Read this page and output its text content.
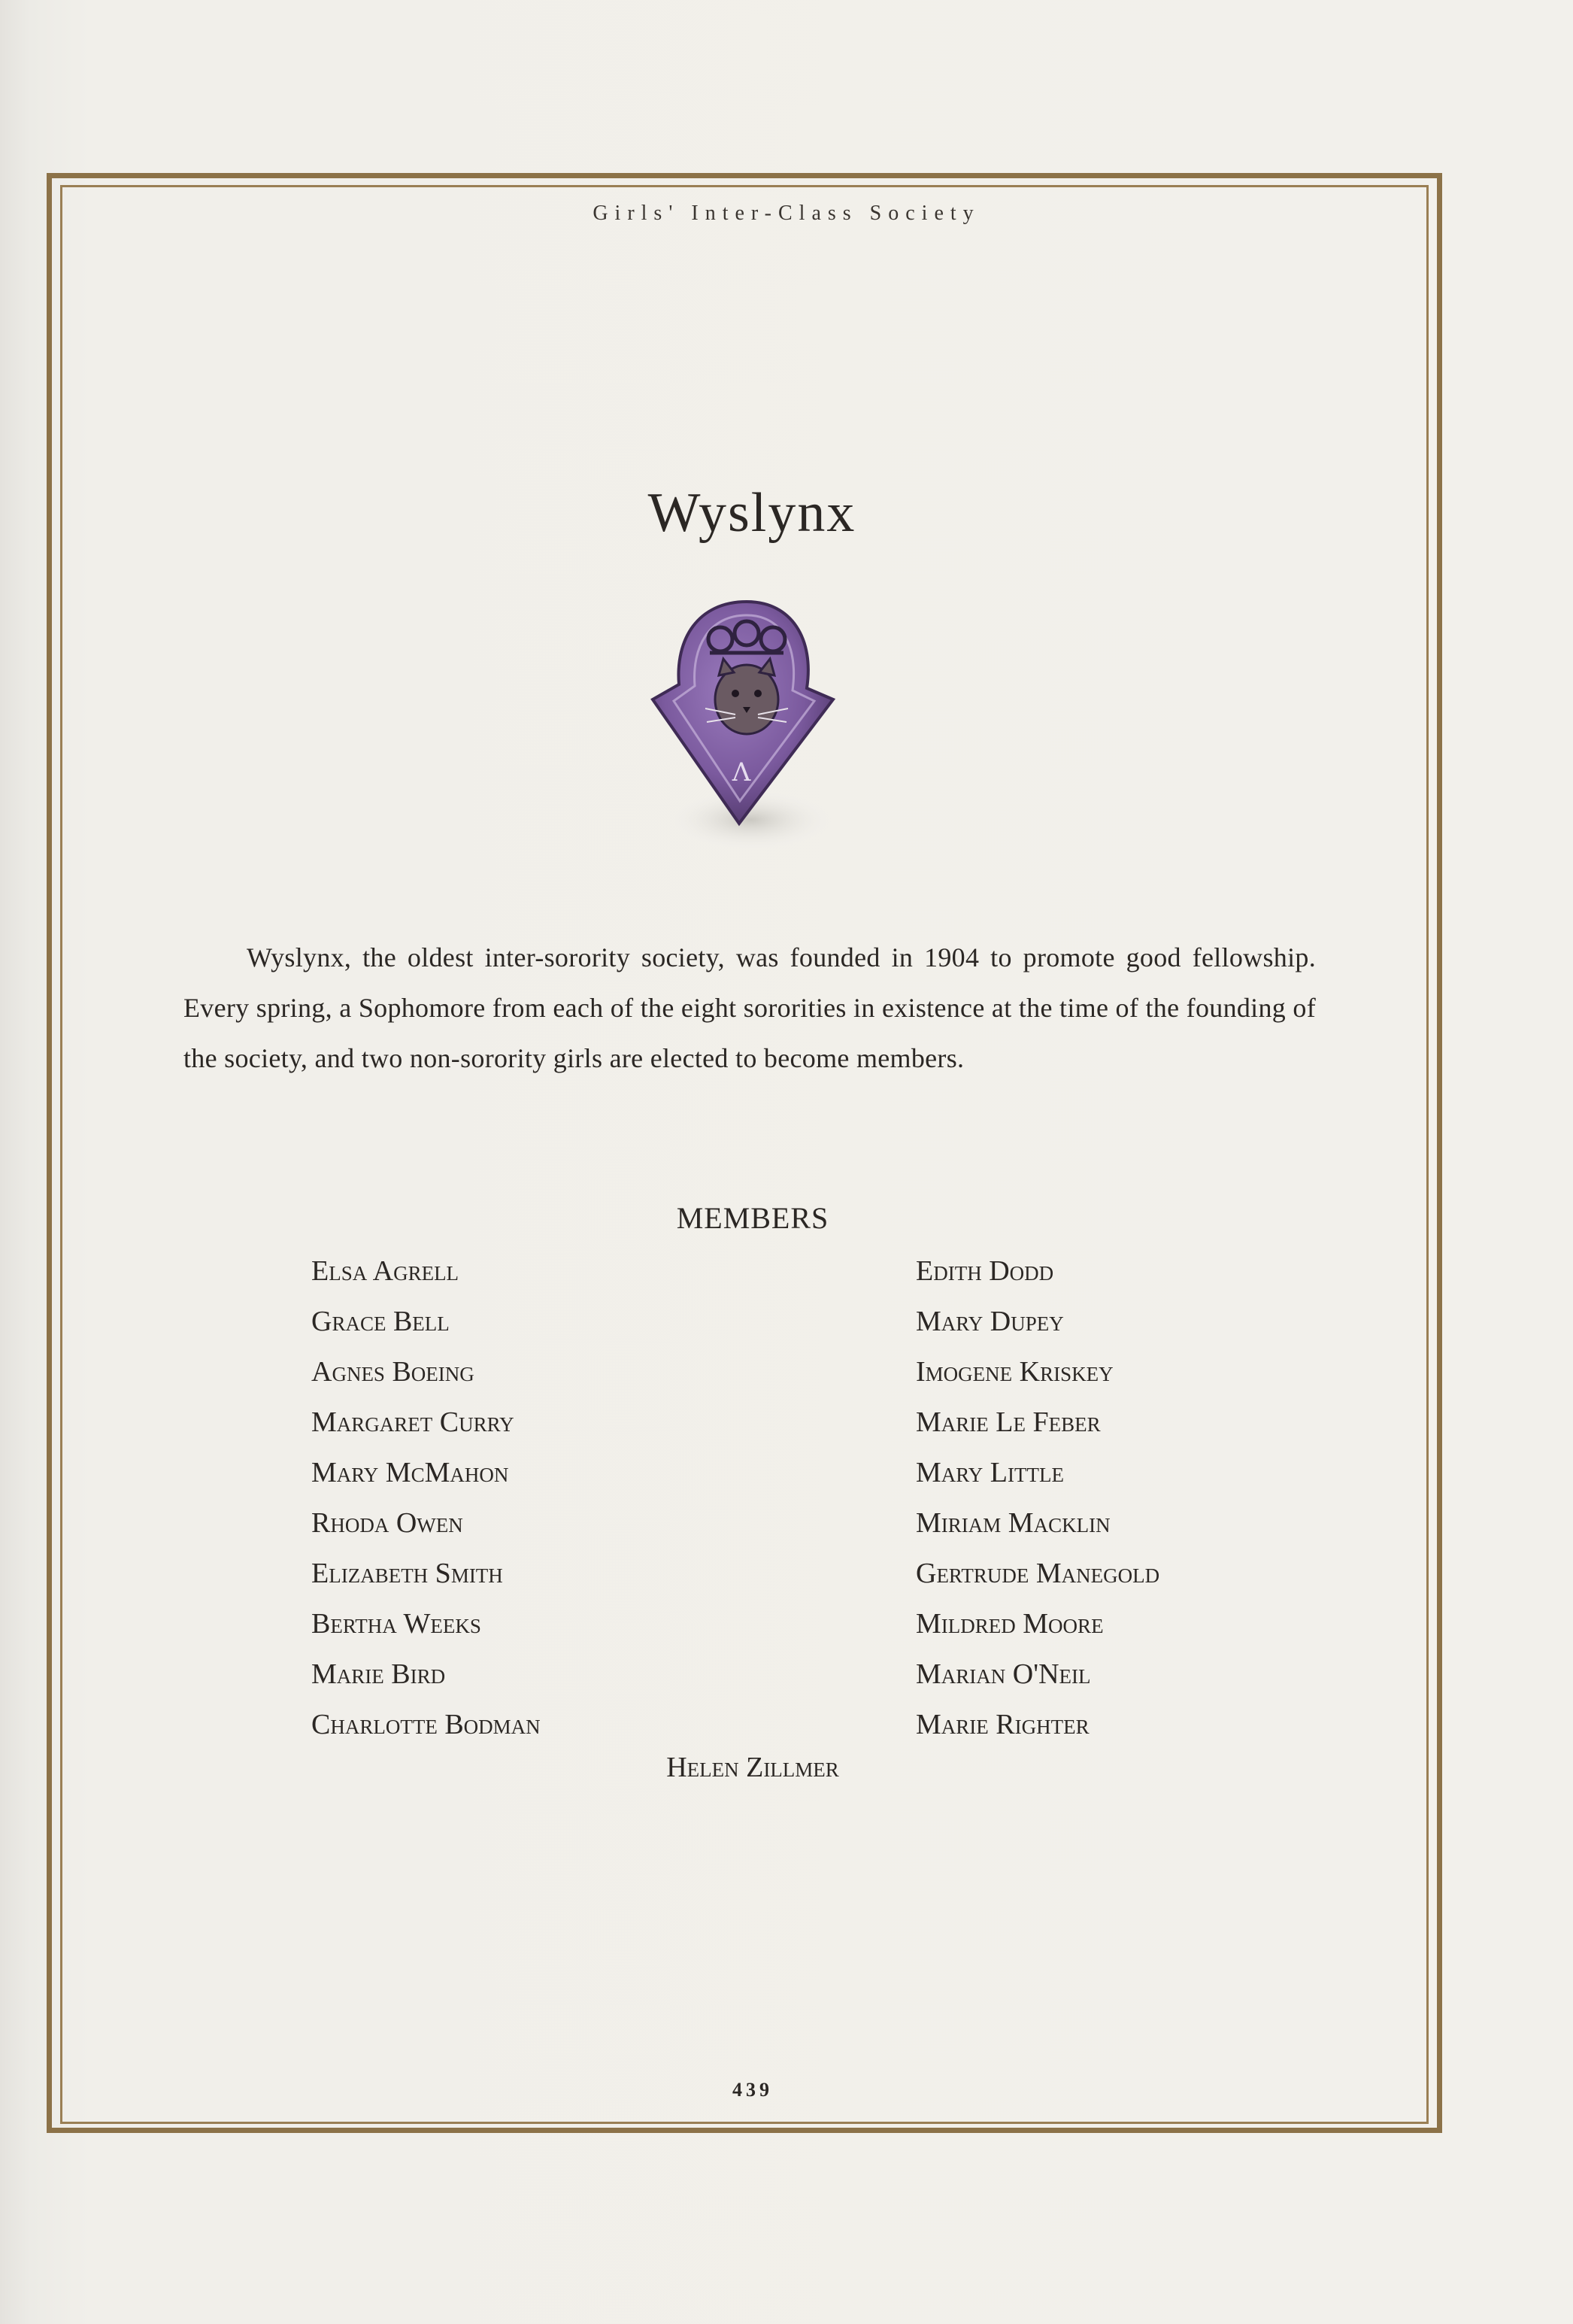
Girls' Inter-Class Society
Wyslynx
Λ
Wyslynx, the oldest inter-sorority society, was founded in 1904 to promote good fellowship. Every spring, a Sophomore from each of the eight sororities in existence at the time of the founding of the society, and two non-sorority girls are elected to become members.
MEMBERS
Elsa Agrell
Grace Bell
Agnes Boeing
Margaret Curry
Mary McMahon
Rhoda Owen
Elizabeth Smith
Bertha Weeks
Marie Bird
Charlotte Bodman
Edith Dodd
Mary Dupey
Imogene Kriskey
Marie Le Feber
Mary Little
Miriam Macklin
Gertrude Manegold
Mildred Moore
Marian O'Neil
Marie Righter
Helen Zillmer
439
